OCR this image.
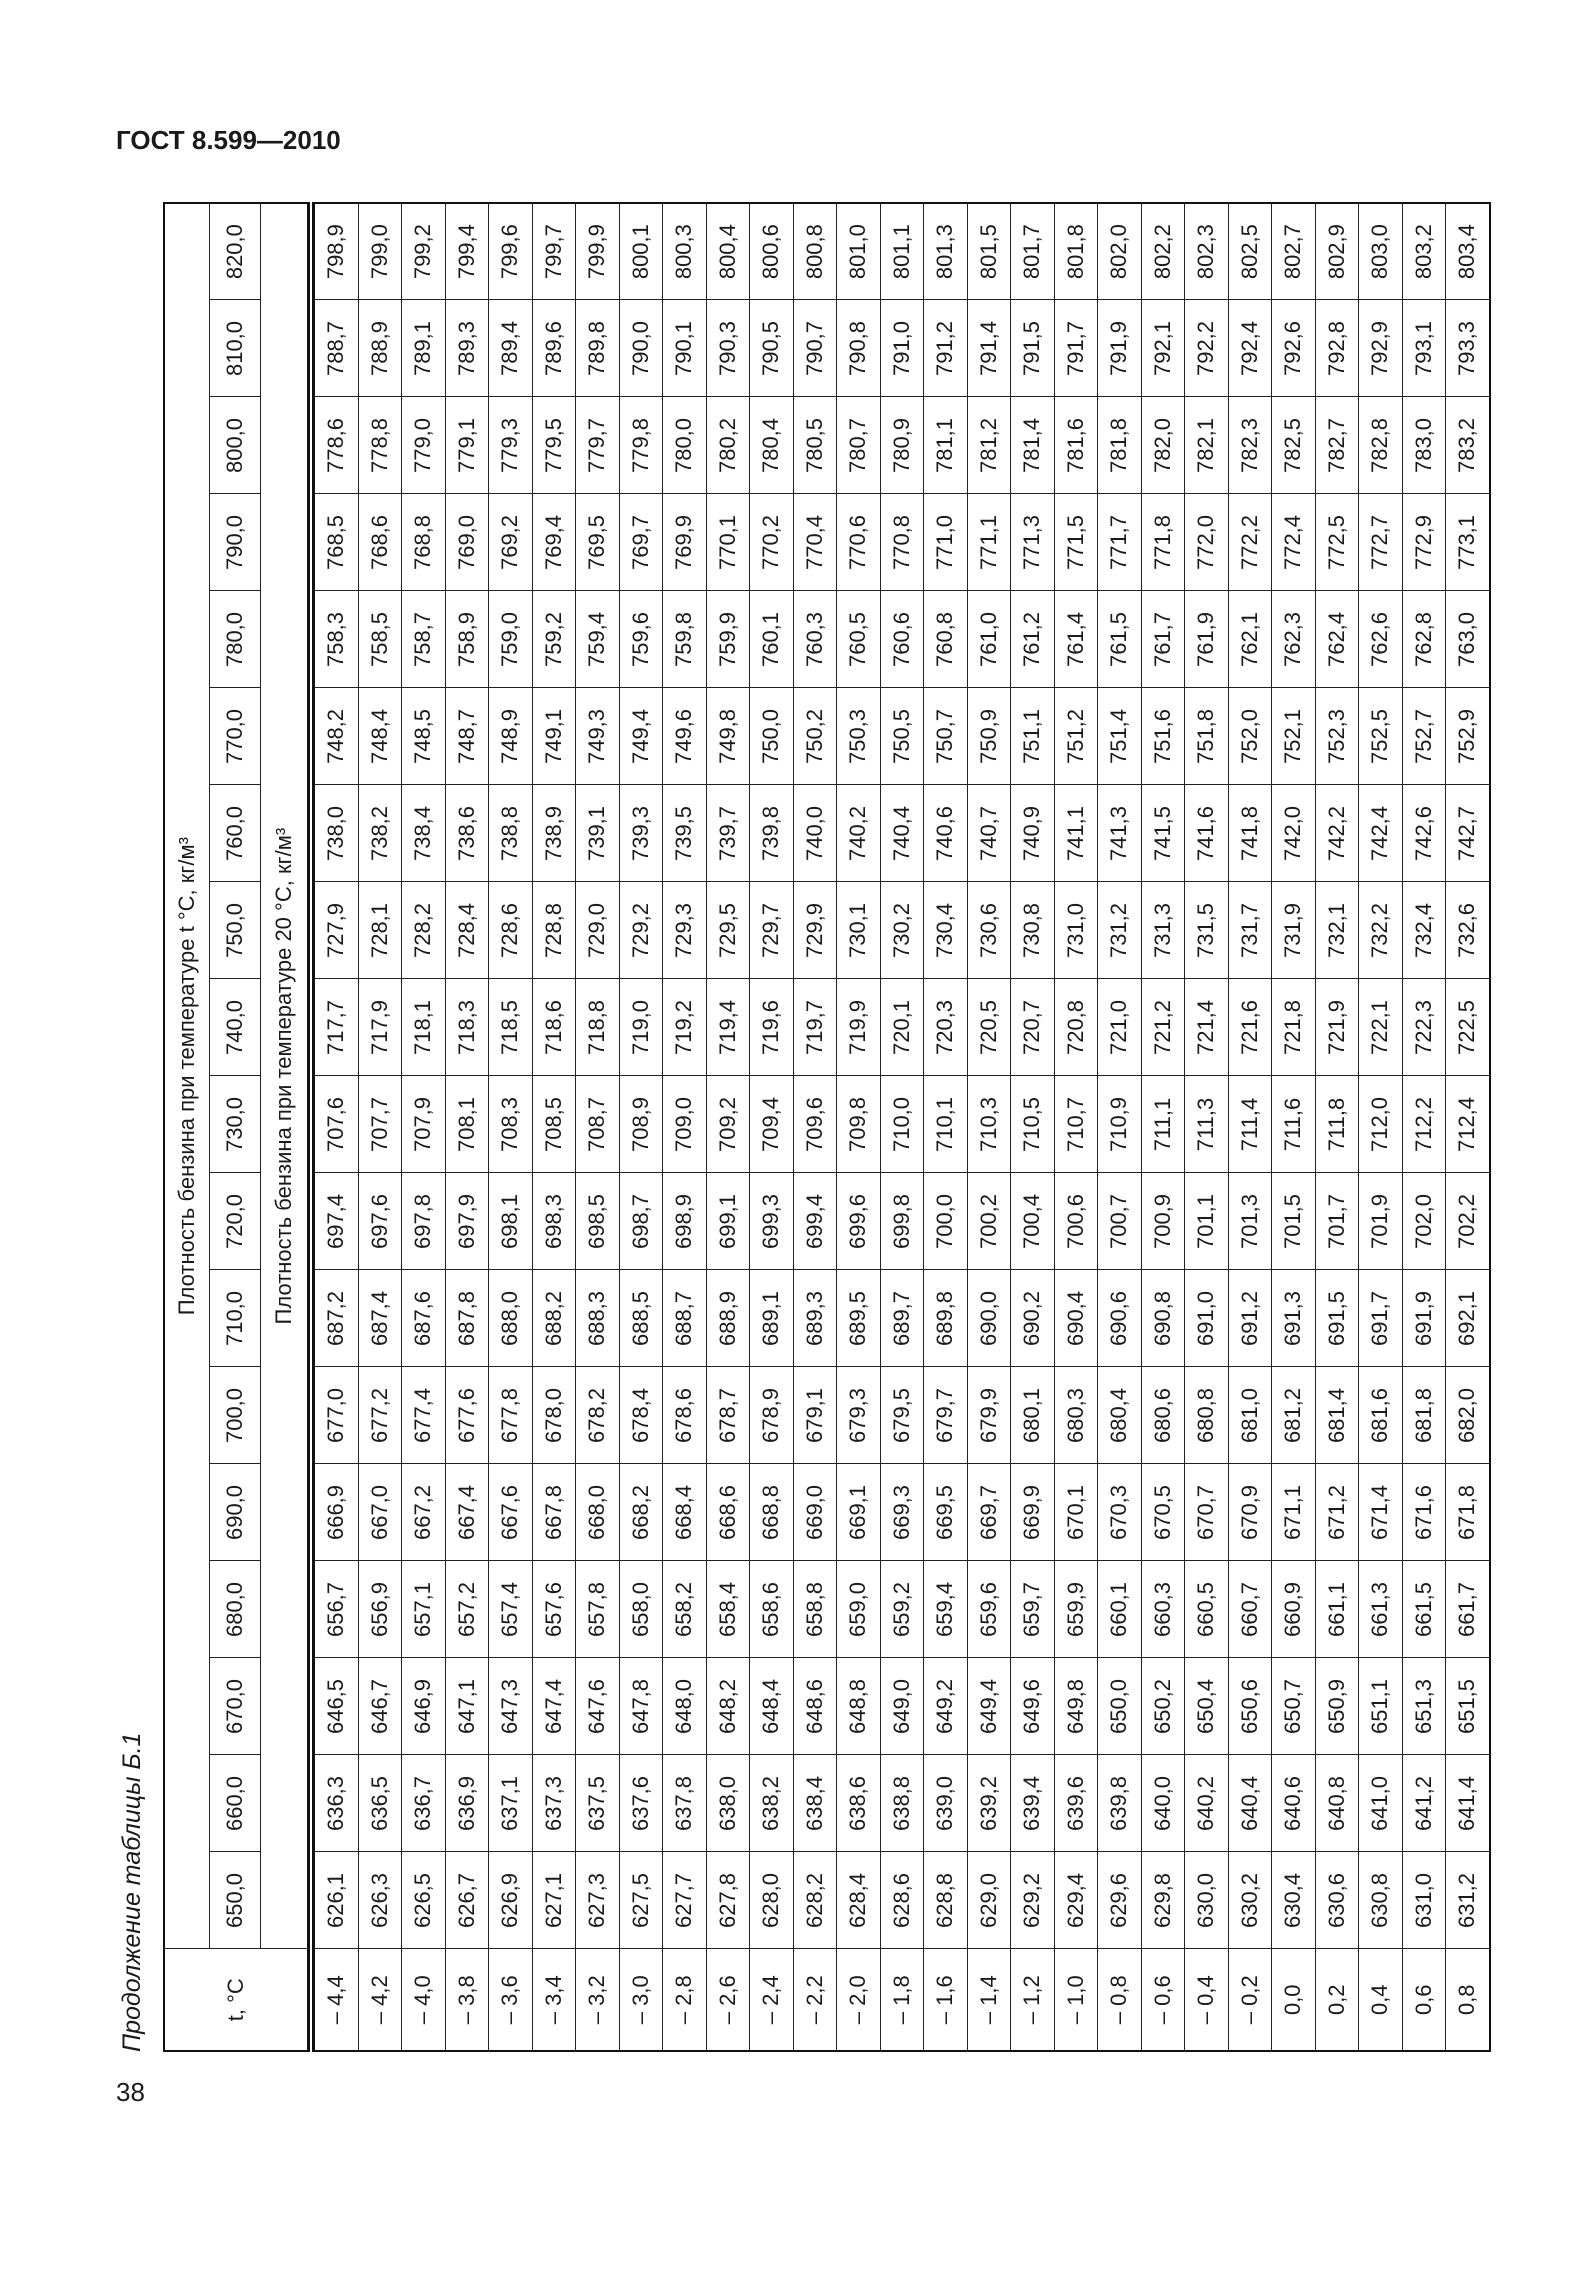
ГОСТ 8.599—2010
Продолжение таблицы Б.1
38
t, °С	Плотность бензина при температуре t °С, кг/м³																	
	650,0	660,0	670,0	680,0	690,0	700,0	710,0	720,0	730,0	740,0	750,0	760,0	770,0	780,0	790,0	800,0	810,0	820,0
	Плотность бензина при температуре 20 °С, кг/м³																	
– 4,4	626,1	636,3	646,5	656,7	666,9	677,0	687,2	697,4	707,6	717,7	727,9	738,0	748,2	758,3	768,5	778,6	788,7	798,9
– 4,2	626,3	636,5	646,7	656,9	667,0	677,2	687,4	697,6	707,7	717,9	728,1	738,2	748,4	758,5	768,6	778,8	788,9	799,0
– 4,0	626,5	636,7	646,9	657,1	667,2	677,4	687,6	697,8	707,9	718,1	728,2	738,4	748,5	758,7	768,8	779,0	789,1	799,2
– 3,8	626,7	636,9	647,1	657,2	667,4	677,6	687,8	697,9	708,1	718,3	728,4	738,6	748,7	758,9	769,0	779,1	789,3	799,4
– 3,6	626,9	637,1	647,3	657,4	667,6	677,8	688,0	698,1	708,3	718,5	728,6	738,8	748,9	759,0	769,2	779,3	789,4	799,6
– 3,4	627,1	637,3	647,4	657,6	667,8	678,0	688,2	698,3	708,5	718,6	728,8	738,9	749,1	759,2	769,4	779,5	789,6	799,7
– 3,2	627,3	637,5	647,6	657,8	668,0	678,2	688,3	698,5	708,7	718,8	729,0	739,1	749,3	759,4	769,5	779,7	789,8	799,9
– 3,0	627,5	637,6	647,8	658,0	668,2	678,4	688,5	698,7	708,9	719,0	729,2	739,3	749,4	759,6	769,7	779,8	790,0	800,1
– 2,8	627,7	637,8	648,0	658,2	668,4	678,6	688,7	698,9	709,0	719,2	729,3	739,5	749,6	759,8	769,9	780,0	790,1	800,3
– 2,6	627,8	638,0	648,2	658,4	668,6	678,7	688,9	699,1	709,2	719,4	729,5	739,7	749,8	759,9	770,1	780,2	790,3	800,4
– 2,4	628,0	638,2	648,4	658,6	668,8	678,9	689,1	699,3	709,4	719,6	729,7	739,8	750,0	760,1	770,2	780,4	790,5	800,6
– 2,2	628,2	638,4	648,6	658,8	669,0	679,1	689,3	699,4	709,6	719,7	729,9	740,0	750,2	760,3	770,4	780,5	790,7	800,8
– 2,0	628,4	638,6	648,8	659,0	669,1	679,3	689,5	699,6	709,8	719,9	730,1	740,2	750,3	760,5	770,6	780,7	790,8	801,0
– 1,8	628,6	638,8	649,0	659,2	669,3	679,5	689,7	699,8	710,0	720,1	730,2	740,4	750,5	760,6	770,8	780,9	791,0	801,1
– 1,6	628,8	639,0	649,2	659,4	669,5	679,7	689,8	700,0	710,1	720,3	730,4	740,6	750,7	760,8	771,0	781,1	791,2	801,3
– 1,4	629,0	639,2	649,4	659,6	669,7	679,9	690,0	700,2	710,3	720,5	730,6	740,7	750,9	761,0	771,1	781,2	791,4	801,5
– 1,2	629,2	639,4	649,6	659,7	669,9	680,1	690,2	700,4	710,5	720,7	730,8	740,9	751,1	761,2	771,3	781,4	791,5	801,7
– 1,0	629,4	639,6	649,8	659,9	670,1	680,3	690,4	700,6	710,7	720,8	731,0	741,1	751,2	761,4	771,5	781,6	791,7	801,8
– 0,8	629,6	639,8	650,0	660,1	670,3	680,4	690,6	700,7	710,9	721,0	731,2	741,3	751,4	761,5	771,7	781,8	791,9	802,0
– 0,6	629,8	640,0	650,2	660,3	670,5	680,6	690,8	700,9	711,1	721,2	731,3	741,5	751,6	761,7	771,8	782,0	792,1	802,2
– 0,4	630,0	640,2	650,4	660,5	670,7	680,8	691,0	701,1	711,3	721,4	731,5	741,6	751,8	761,9	772,0	782,1	792,2	802,3
– 0,2	630,2	640,4	650,6	660,7	670,9	681,0	691,2	701,3	711,4	721,6	731,7	741,8	752,0	762,1	772,2	782,3	792,4	802,5
0,0	630,4	640,6	650,7	660,9	671,1	681,2	691,3	701,5	711,6	721,8	731,9	742,0	752,1	762,3	772,4	782,5	792,6	802,7
0,2	630,6	640,8	650,9	661,1	671,2	681,4	691,5	701,7	711,8	721,9	732,1	742,2	752,3	762,4	772,5	782,7	792,8	802,9
0,4	630,8	641,0	651,1	661,3	671,4	681,6	691,7	701,9	712,0	722,1	732,2	742,4	752,5	762,6	772,7	782,8	792,9	803,0
0,6	631,0	641,2	651,3	661,5	671,6	681,8	691,9	702,0	712,2	722,3	732,4	742,6	752,7	762,8	772,9	783,0	793,1	803,2
0,8	631,2	641,4	651,5	661,7	671,8	682,0	692,1	702,2	712,4	722,5	732,6	742,7	752,9	763,0	773,1	783,2	793,3	803,4
